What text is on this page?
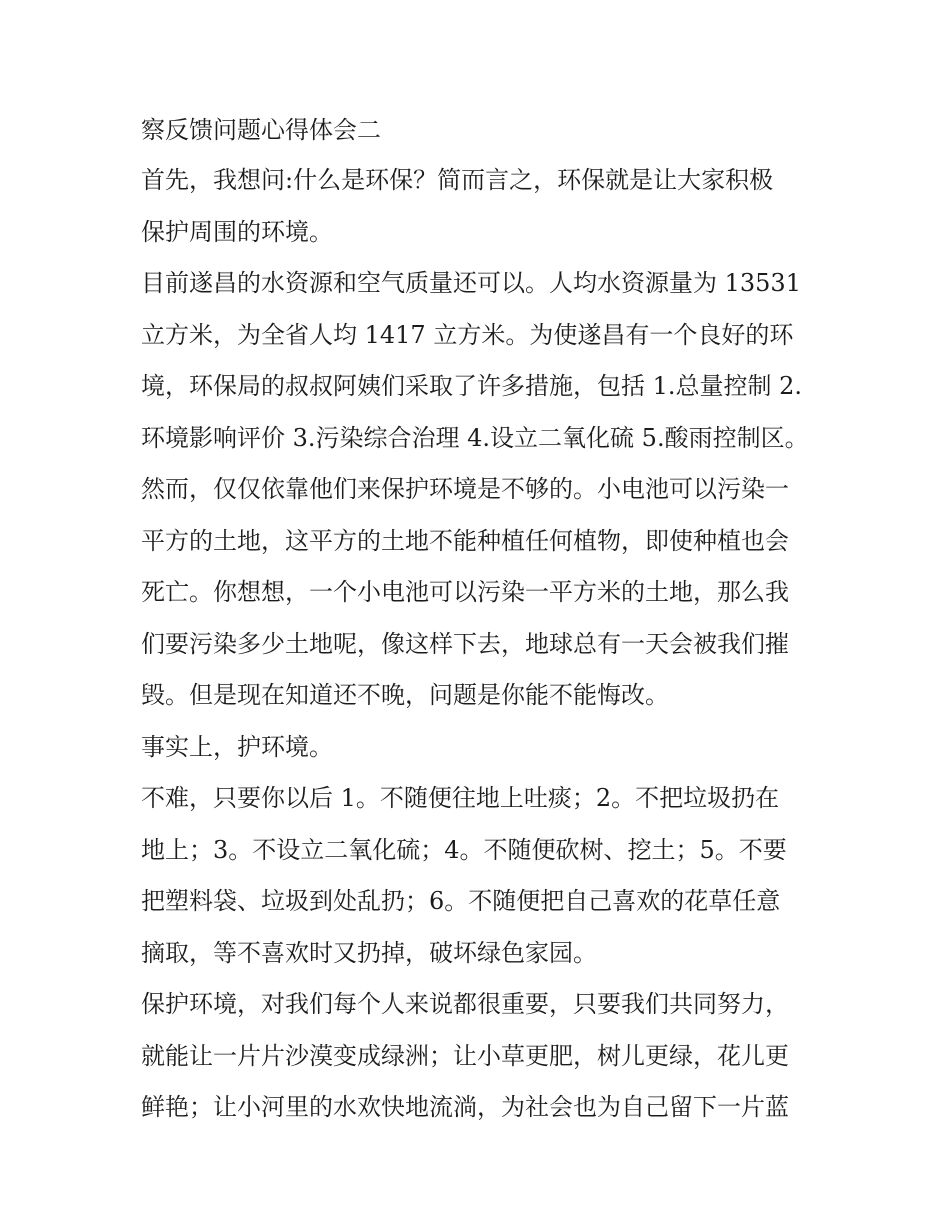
察反馈问题心得体会二

首先，我想问:什么是环保？简而言之，环保就是让大家积极
保护周围的环境。

目前遂昌的水资源和空气质量还可以。人均水资源量为 13531
立方米，为全省人均 1417 立方米。为使遂昌有一个良好的环
境，环保局的叔叔阿姨们采取了许多措施，包括 1.总量控制 2.
环境影响评价 3.污染综合治理 4.设立二氧化硫 5.酸雨控制区。
然而，仅仅依靠他们来保护环境是不够的。小电池可以污染一
平方的土地，这平方的土地不能种植任何植物，即使种植也会
死亡。你想想，一个小电池可以污染一平方米的土地，那么我
们要污染多少土地呢，像这样下去，地球总有一天会被我们摧
毁。但是现在知道还不晚，问题是你能不能悔改。

事实上，护环境。

不难，只要你以后 1。不随便往地上吐痰；2。不把垃圾扔在
地上；3。不设立二氧化硫；4。不随便砍树、挖土；5。不要
把塑料袋、垃圾到处乱扔；6。不随便把自己喜欢的花草任意
摘取，等不喜欢时又扔掉，破坏绿色家园。

保护环境，对我们每个人来说都很重要，只要我们共同努力，
就能让一片片沙漠变成绿洲；让小草更肥，树儿更绿，花儿更
鲜艳；让小河里的水欢快地流淌，为社会也为自己留下一片蓝
